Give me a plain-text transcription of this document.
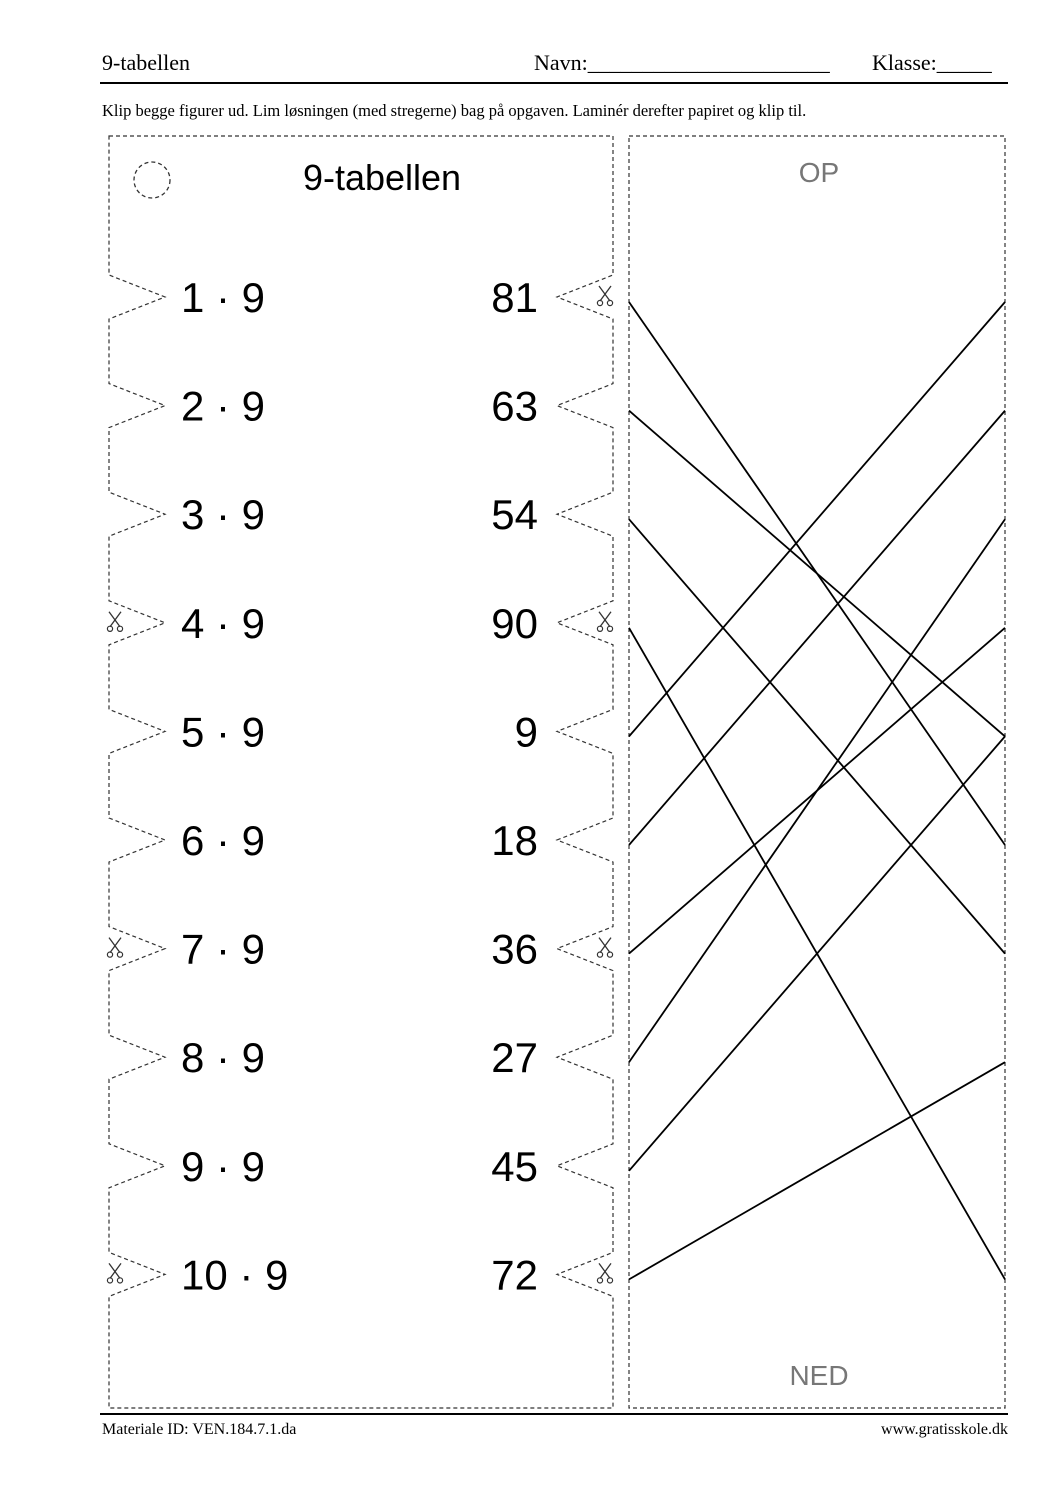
9-tabellen	Navn:______________________ Klasse:_____
Klip begge figurer ud. Lim løsningen (med stregerne) bag på opgaven. Laminér derefter papiret og klip til.
9-tabellen
1 · 9
2 · 9
3 · 9
4 · 9
5 · 9
6 · 9
7 · 9
8 · 9
9 · 9
10 · 9
81
63
54
90
9
18
36
27
45
72
OP
NED
Materiale ID: VEN.184.7.1.da	www.gratisskole.dk
